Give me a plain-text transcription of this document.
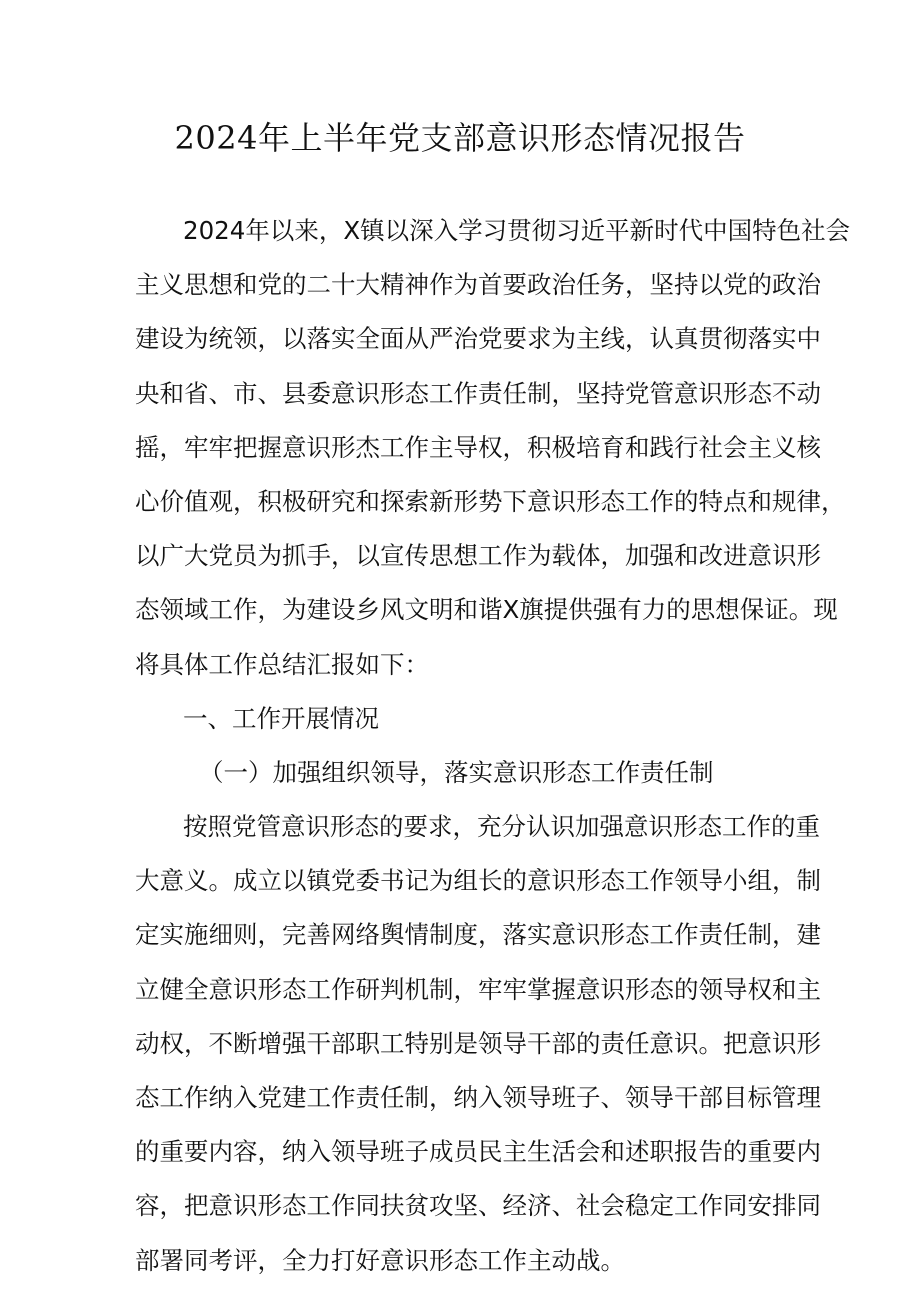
2024年上半年党支部意识形态情况报告
2024年以来，X镇以深入学习贯彻习近平新时代中国特色社会
主义思想和党的二十大精神作为首要政治任务，坚持以党的政治
建设为统领，以落实全面从严治党要求为主线，认真贯彻落实中
央和省、市、县委意识形态工作责任制，坚持党管意识形态不动
摇，牢牢把握意识形杰工作主导权，积极培育和践行社会主义核
心价值观，积极研究和探索新形势下意识形态工作的特点和规律，
以广大党员为抓手，以宣传思想工作为载体，加强和改进意识形
态领域工作，为建设乡风文明和谐X旗提供强有力的思想保证。现
将具体工作总结汇报如下：
一、工作开展情况
（一）加强组织领导，落实意识形态工作责任制
按照党管意识形态的要求，充分认识加强意识形态工作的重
大意义。成立以镇党委书记为组长的意识形态工作领导小组，制
定实施细则，完善网络舆情制度，落实意识形态工作责任制，建
立健全意识形态工作研判机制，牢牢掌握意识形态的领导权和主
动权，不断增强干部职工特别是领导干部的责任意识。把意识形
态工作纳入党建工作责任制，纳入领导班子、领导干部目标管理
的重要内容，纳入领导班子成员民主生活会和述职报告的重要内
容，把意识形态工作同扶贫攻坚、经济、社会稳定工作同安排同
部署同考评，全力打好意识形态工作主动战。
